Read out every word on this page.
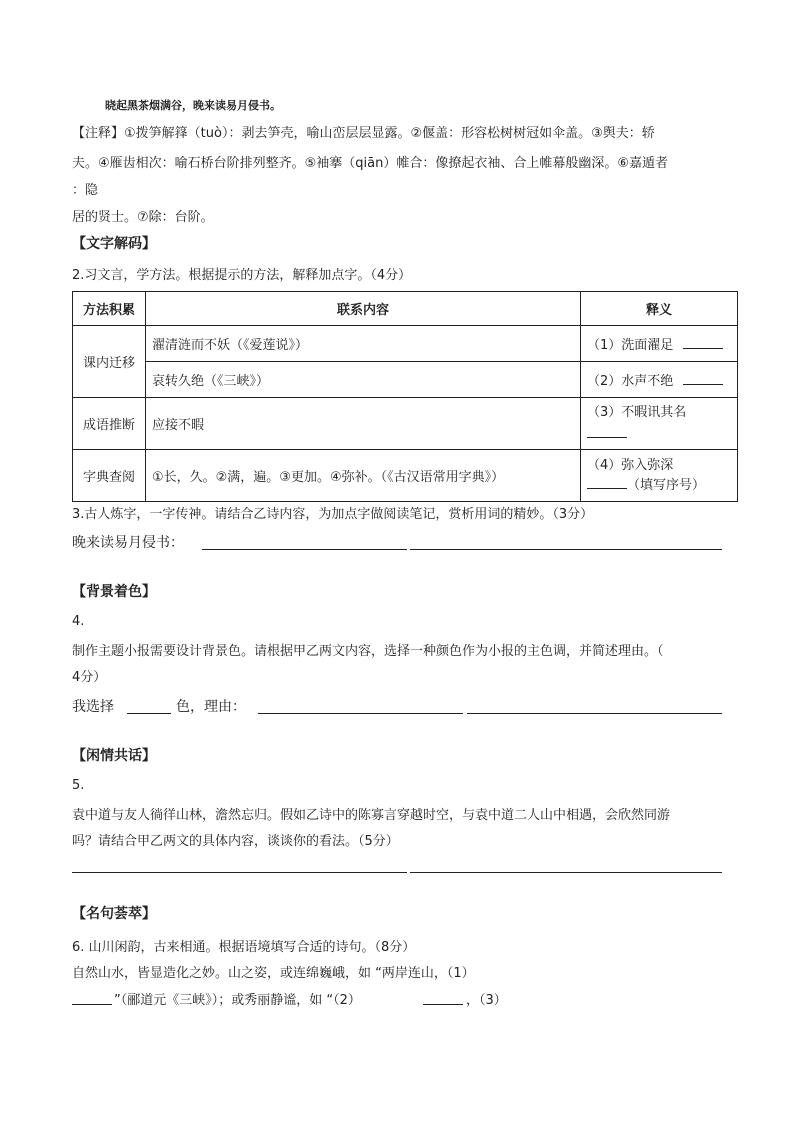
晓起黑茶烟满谷，晚来读易月侵书。
【注释】①拨笋解箨（tuò）：剥去笋壳，喻山峦层层显露。②偃盖：形容松树树冠如伞盖。③舆夫：轿
夫。④雁齿相次：喻石桥台阶排列整齐。⑤袖搴（qiān）帷合：像撩起衣袖、合上帷幕般幽深。⑥嘉遁者
：隐
居的贤士。⑦除：台阶。
【文字解码】
2.习文言，学方法。根据提示的方法，解释加点字。（4分）
方法积累	联系内容	释义
课内迁移	濯清涟而不妖（《爱莲说》）	（1）洗面濯足
	哀转久绝（《三峡》）	（2）水声不绝
成语推断	应接不暇	（3）不暇讯其名

字典查阅	①长，久。②满，遍。③更加。④弥补。（《古汉语常用字典》）	（4）弥入弥深
（填写序号）
3.古人炼字，一字传神。请结合乙诗内容，为加点字做阅读笔记，赏析用词的精妙。（3分）
晚来读易月侵书：
【背景着色】
4.
制作主题小报需要设计背景色。请根据甲乙两文内容，选择一种颜色作为小报的主色调，并简述理由。（
4分）
我选择	色，理由：
【闲情共话】
5.
袁中道与友人徜徉山林，澹然忘归。假如乙诗中的陈寡言穿越时空，与袁中道二人山中相遇，会欣然同游
吗？请结合甲乙两文的具体内容，谈谈你的看法。（5分）
【名句荟萃】
6. 山川闲韵，古来相通。根据语境填写合适的诗句。（8分）
自然山水，皆显造化之妙。山之姿，或连绵巍峨，如 “两岸连山，（1）
”（郦道元《三峡》）；或秀丽静谧，如 “（2）	，（3）
